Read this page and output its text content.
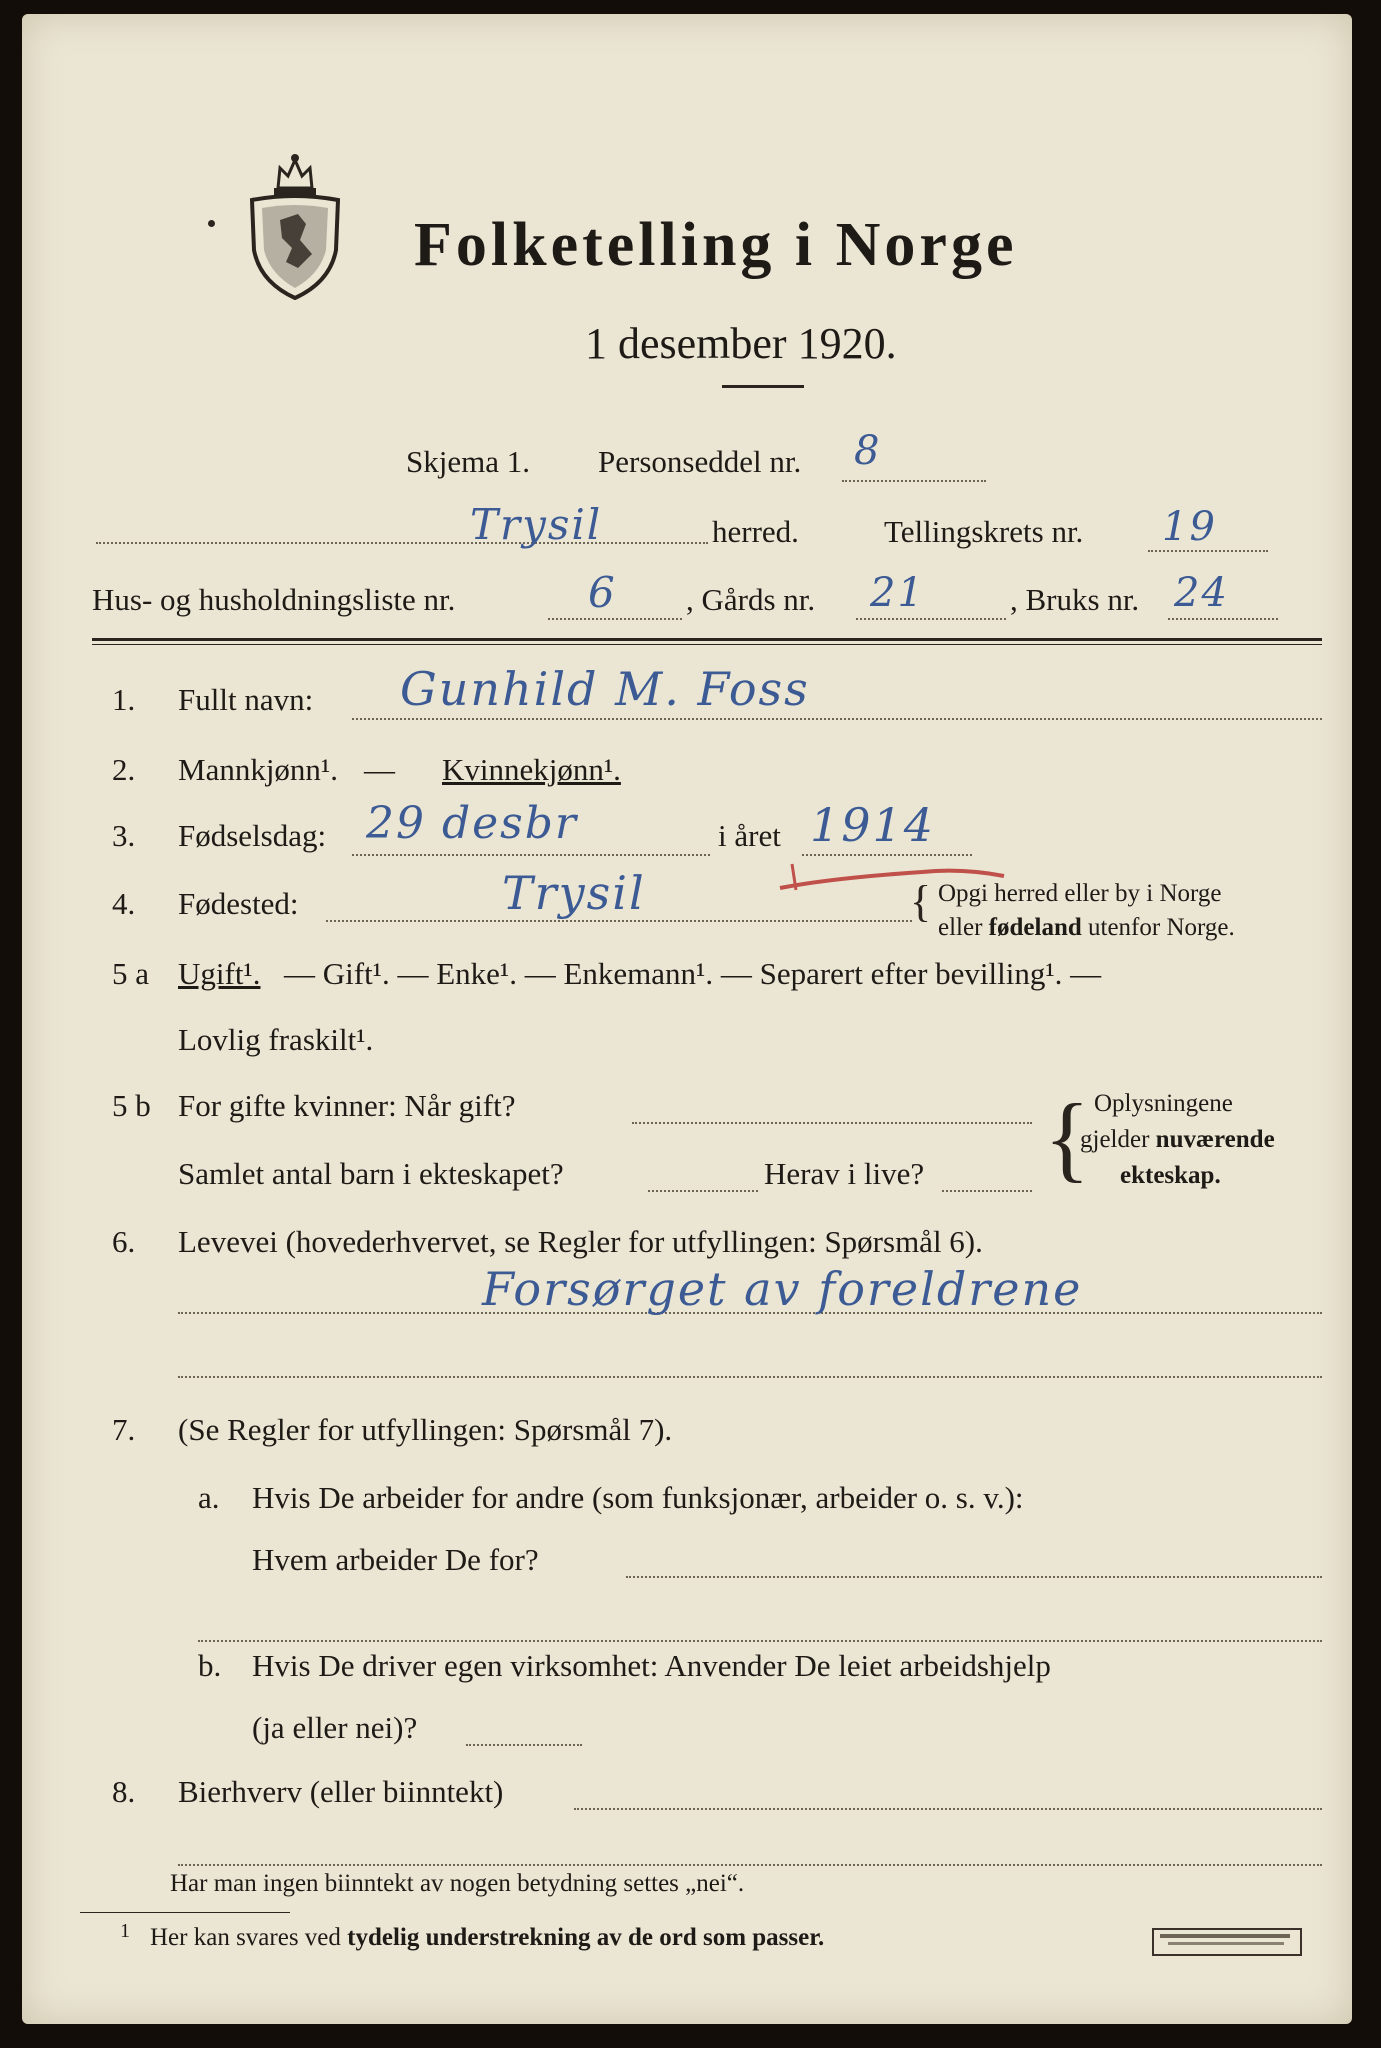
Folketelling i Norge
1 desember 1920.
Skjema 1. Personseddel nr. 8
Trysil	herred.	Tellingskrets nr. 19
Hus- og husholdningsliste nr.	6 , Gårds nr. 21	, Bruks nr. 24
1. Fullt navn: Gunhild M. Foss
2. Mannkjønn¹. — Kvinnekjønn¹.
3. Fødselsdag: 29 desbr	i året 1914
4. Fødested:	Trysil	{ Opgi herred eller by i Norge
eller fødeland utenfor Norge.
5 a Ugift¹. — Gift¹. — Enke¹. — Enkemann¹. — Separert efter bevilling¹. —
Lovlig fraskilt¹.
5 b For gifte kvinner: Når gift?
Samlet antal barn i ekteskapet?	Herav i live? { Oplysningene
gjelder nuværende
ekteskap.
6. Levevei (hovederhvervet, se Regler for utfyllingen: Spørsmål 6).
Forsørget av foreldrene
7. (Se Regler for utfyllingen: Spørsmål 7).
a. Hvis De arbeider for andre (som funksjonær, arbeider o. s. v.):
Hvem arbeider De for?
b. Hvis De driver egen virksomhet: Anvender De leiet arbeidshjelp
(ja eller nei)?
8. Bierhverv (eller biinntekt)
Har man ingen biinntekt av nogen betydning settes „nei“.
1 Her kan svares ved tydelig understrekning av de ord som passer.
